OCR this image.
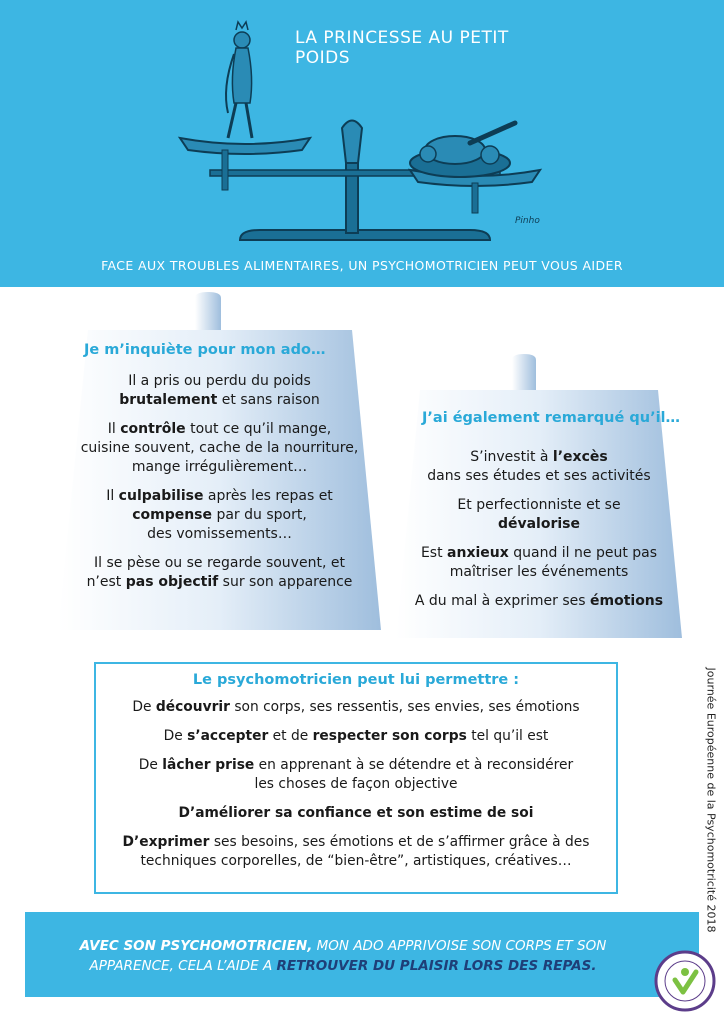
Pinho
LA PRINCESSE AU PETIT POIDS
FACE AUX TROUBLES ALIMENTAIRES, UN PSYCHOMOTRICIEN PEUT VOUS AIDER
Je m’inquiète pour mon ado…

Il a pris ou perdu du poids

brutalement et sans raison

Il contrôle tout ce qu’il mange,

cuisine souvent, cache de la nourriture,

mange irrégulièrement…

Il culpabilise après les repas et

compense par du sport,

des vomissements…

Il se pèse ou se regarde souvent, et

n’est pas objectif sur son apparence

J’ai également remarqué qu’il…

S’investit à l’excès

dans ses études et ses activités

Et perfectionniste et se

dévalorise

Est anxieux quand il ne peut pas

maîtriser les événements

A du mal à exprimer ses émotions

Le psychomotricien peut lui permettre :

De découvrir son corps, ses ressentis, ses envies, ses émotions

De s’accepter et de respecter son corps tel qu’il est

De lâcher prise en apprenant à se détendre et à reconsidérer

les choses de façon objective

D’améliorer sa confiance et son estime de soi

D’exprimer ses besoins, ses émotions et de s’affirmer grâce à des

techniques corporelles, de “bien-être”, artistiques, créatives…	Journée Européenne de la Psychomotricité 2018
AVEC SON PSYCHOMOTRICIEN, MON ADO APPRIVOISE SON CORPS ET SON
APPARENCE, CELA L’AIDE A RETROUVER DU PLAISIR LORS DES REPAS.
